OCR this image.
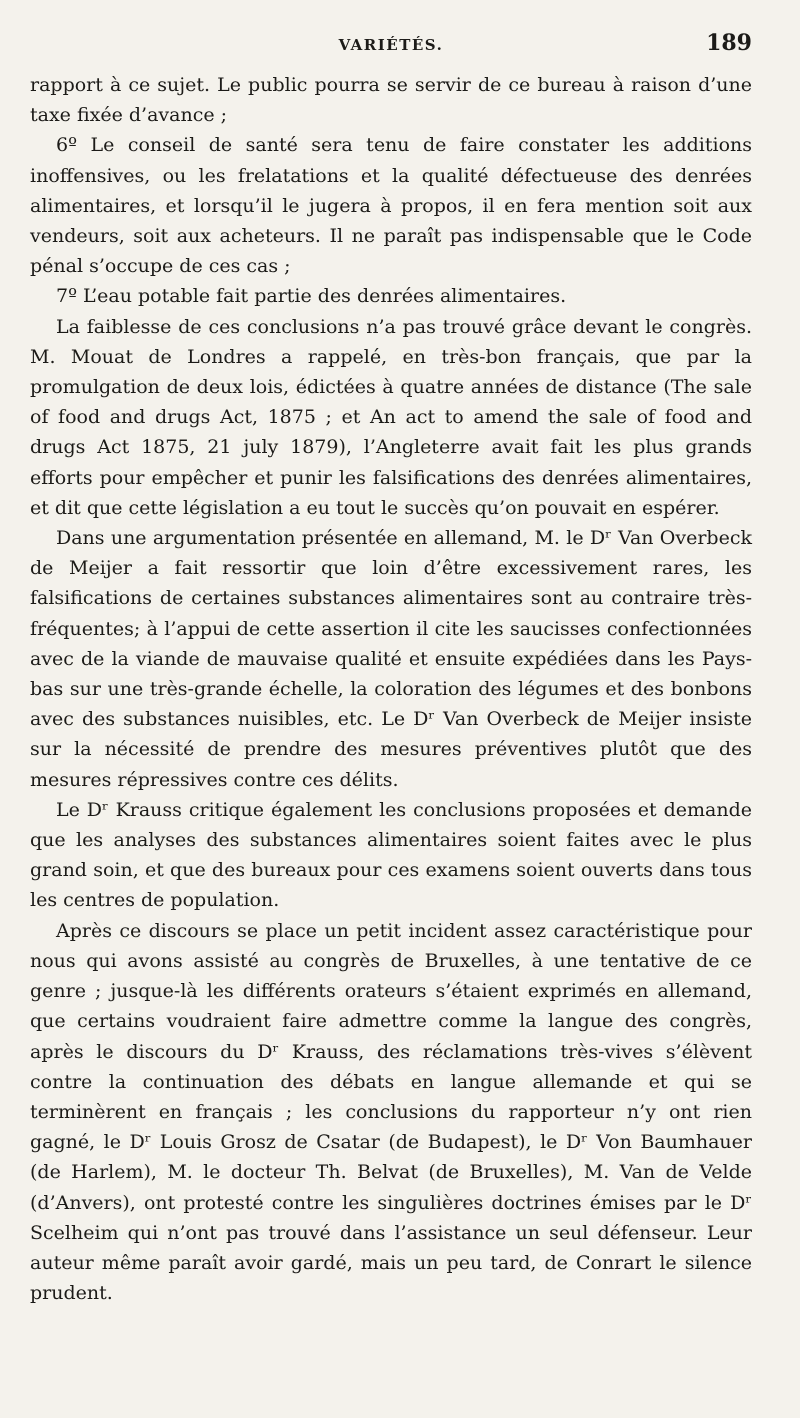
VARIÉTÉS.	189

rapport à ce sujet. Le public pourra se servir de ce bureau à raison d’une taxe fixée d’avance ;

6º Le conseil de santé sera tenu de faire constater les additions inoffensives, ou les frelatations et la qualité défectueuse des denrées alimentaires, et lorsqu’il le jugera à propos, il en fera mention soit aux vendeurs, soit aux acheteurs. Il ne paraît pas indispensable que le Code pénal s’occupe de ces cas ;

7º L’eau potable fait partie des denrées alimentaires.

La faiblesse de ces conclusions n’a pas trouvé grâce devant le congrès. M. Mouat de Londres a rappelé, en très-bon français, que par la promulgation de deux lois, édictées à quatre années de distance (The sale of food and drugs Act, 1875 ; et An act to amend the sale of food and drugs Act 1875, 21 july 1879), l’Angleterre avait fait les plus grands efforts pour empêcher et punir les falsifications des denrées alimentaires, et dit que cette législation a eu tout le succès qu’on pouvait en espérer.

Dans une argumentation présentée en allemand, M. le Dʳ Van Overbeck de Meijer a fait ressortir que loin d’être excessivement rares, les falsifications de certaines substances alimentaires sont au contraire très-fréquentes; à l’appui de cette assertion il cite les saucisses confectionnées avec de la viande de mauvaise qualité et ensuite expédiées dans les Pays-bas sur une très-grande échelle, la coloration des légumes et des bonbons avec des substances nuisibles, etc. Le Dʳ Van Overbeck de Meijer insiste sur la nécessité de prendre des mesures préventives plutôt que des mesures répressives contre ces délits.

Le Dʳ Krauss critique également les conclusions proposées et demande que les analyses des substances alimentaires soient faites avec le plus grand soin, et que des bureaux pour ces examens soient ouverts dans tous les centres de population.

Après ce discours se place un petit incident assez caractéristique pour nous qui avons assisté au congrès de Bruxelles, à une tentative de ce genre ; jusque-là les différents orateurs s’étaient exprimés en allemand, que certains voudraient faire admettre comme la langue des congrès, après le discours du Dʳ Krauss, des réclamations très-vives s’élèvent contre la continuation des débats en langue allemande et qui se terminèrent en français ; les conclusions du rapporteur n’y ont rien gagné, le Dʳ Louis Grosz de Csatar (de Budapest), le Dʳ Von Baumhauer (de Harlem), M. le docteur Th. Belvat (de Bruxelles), M. Van de Velde (d’Anvers), ont protesté contre les singulières doctrines émises par le Dʳ Scelheim qui n’ont pas trouvé dans l’assistance un seul défenseur. Leur auteur même paraît avoir gardé, mais un peu tard, de Conrart le silence prudent.
